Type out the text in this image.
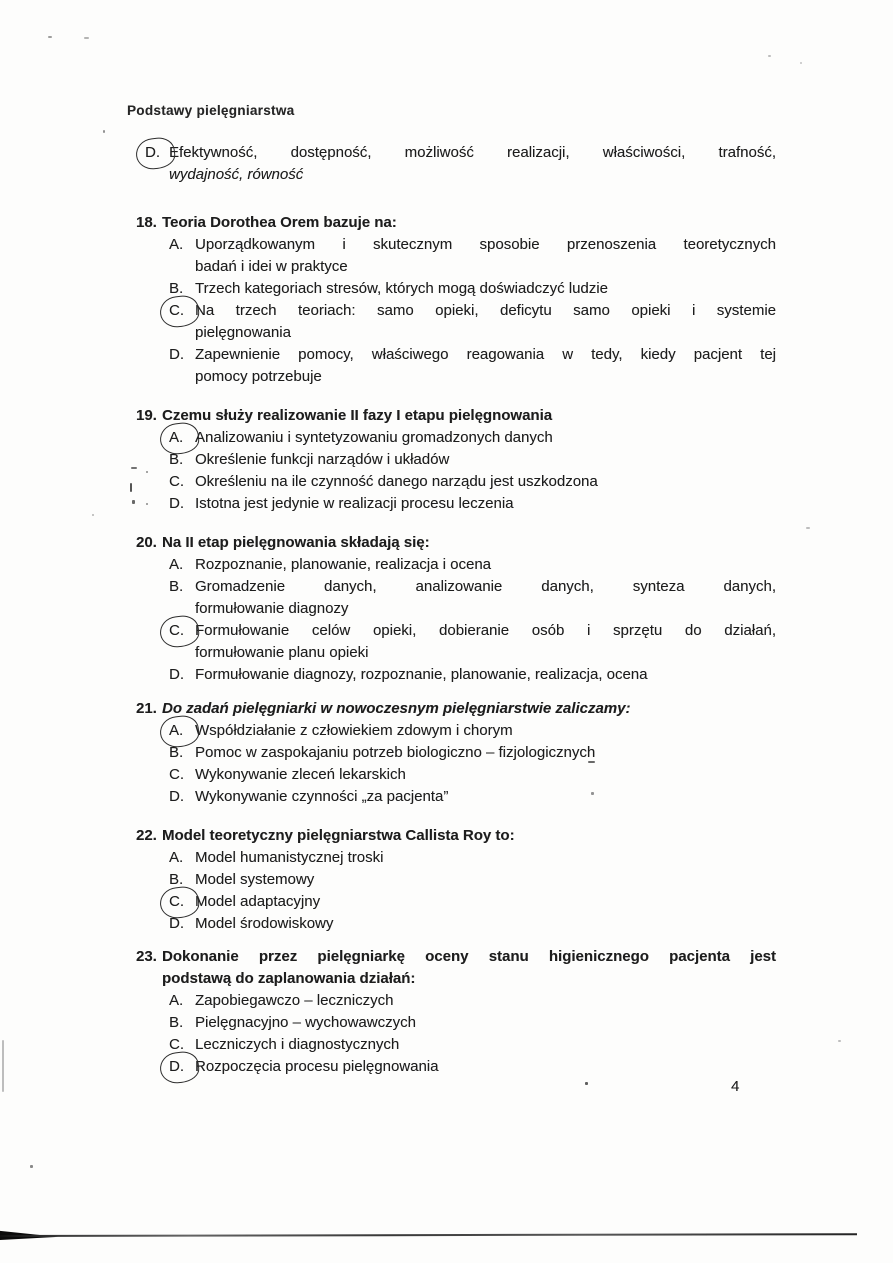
Podstawy pielęgniarstwa
D. Efektywność, dostępność, możliwość realizacji, właściwości, trafność,
wydajność, równość
18. Teoria Dorothea Orem bazuje na:
A. Uporządkowanym i skutecznym sposobie przenoszenia teoretycznych
badań i idei w praktyce
B. Trzech kategoriach stresów, których mogą doświadczyć ludzie
C. Na trzech teoriach: samo opieki, deficytu samo opieki i systemie
pielęgnowania
D. Zapewnienie pomocy, właściwego reagowania w tedy, kiedy pacjent tej
pomocy potrzebuje
19. Czemu służy realizowanie II fazy I etapu pielęgnowania
A. Analizowaniu i syntetyzowaniu gromadzonych danych
B. Określenie funkcji narządów i układów
C. Określeniu na ile czynność danego narządu jest uszkodzona
D. Istotna jest jedynie w realizacji procesu leczenia
20. Na II etap pielęgnowania składają się:
A. Rozpoznanie, planowanie, realizacja i ocena
B. Gromadzenie danych, analizowanie danych, synteza danych,
formułowanie diagnozy
C. Formułowanie celów opieki, dobieranie osób i sprzętu do działań,
formułowanie planu opieki
D. Formułowanie diagnozy, rozpoznanie, planowanie, realizacja, ocena
21. Do zadań pielęgniarki w nowoczesnym pielęgniarstwie zaliczamy:
A. Współdziałanie z człowiekiem zdowym i chorym
B. Pomoc w zaspokajaniu potrzeb biologiczno – fizjologicznych
C. Wykonywanie zleceń lekarskich
D. Wykonywanie czynności „za pacjenta”
22. Model teoretyczny pielęgniarstwa Callista Roy to:
A. Model humanistycznej troski
B. Model systemowy
C. Model adaptacyjny
D. Model środowiskowy
23. Dokonanie przez pielęgniarkę oceny stanu higienicznego pacjenta jest
podstawą do zaplanowania działań:
A. Zapobiegawczo – leczniczych
B. Pielęgnacyjno – wychowawczych
C. Leczniczych i diagnostycznych
D. Rozpoczęcia procesu pielęgnowania
4
